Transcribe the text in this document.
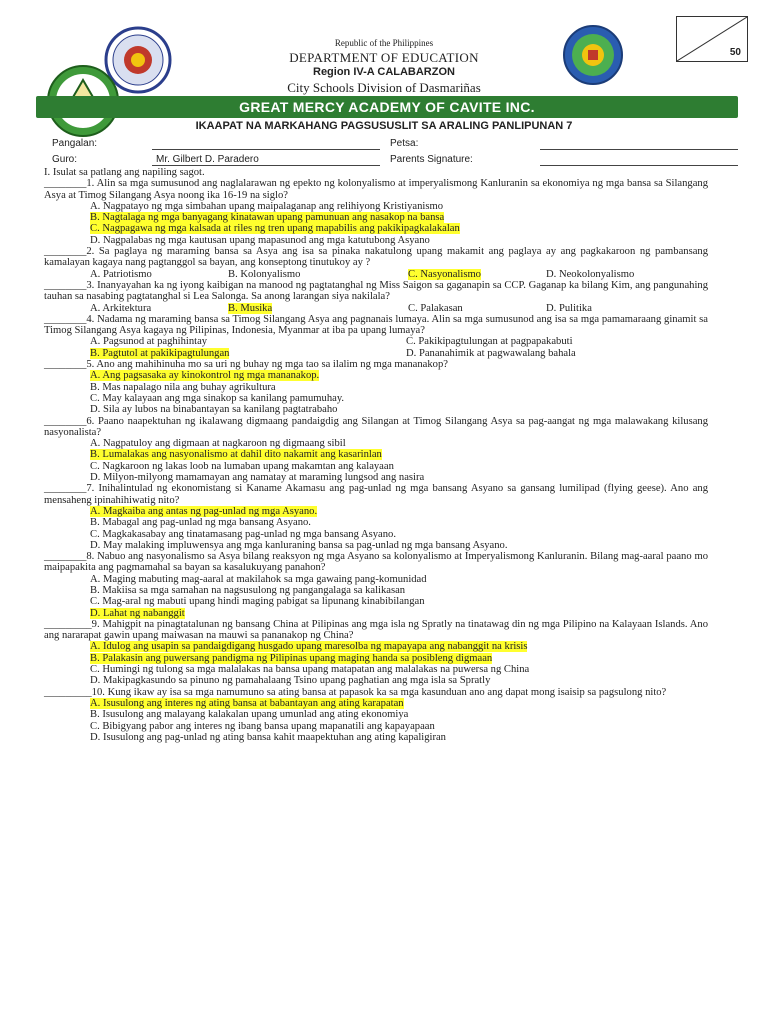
50
Republic of the Philippines
DEPARTMENT OF EDUCATION
Region IV-A CALABARZON
City Schools Division of Dasmariñas
GREAT MERCY ACADEMY OF CAVITE INC.
IKAAPAT NA MARKAHANG PAGSUSUSLIT SA ARALING PANLIPUNAN 7
Pangalan:	Petsa:
Guro:	Mr. Gilbert D. Paradero	Parents Signature:

I. Isulat sa patlang ang napiling sagot.

________1. Alin sa mga sumusunod ang naglalarawan ng epekto ng kolonyalismo at imperyalismong Kanluranin sa ekonomiya ng mga bansa sa Silangang Asya at Timog Silangang Asya noong ika 16-19 na siglo?

A. Nagpatayo ng mga simbahan upang maipalaganap ang relihiyong Kristiyanismo

B. Nagtalaga ng mga banyagang kinatawan upang pamunuan ang nasakop na bansa

C. Nagpagawa ng mga kalsada at riles ng tren upang mapabilis ang pakikipagkalakalan

D. Nagpalabas ng mga kautusan upang mapasunod ang mga katutubong Asyano

________2. Sa paglaya ng maraming bansa sa Asya ang isa sa pinaka nakatulong upang makamit ang paglaya ay ang pagkakaroon ng pambansang kamalayan kagaya nang pagtanggol sa bayan, ang konseptong tinutukoy ay ?

A. Patriotismo	B. Kolonyalismo	C. Nasyonalismo	D. Neokolonyalismo

________3. Inanyayahan ka ng iyong kaibigan na manood ng pagtatanghal ng Miss Saigon sa gaganapin sa CCP. Gaganap ka bilang Kim, ang pangunahing tauhan sa nasabing pagtatanghal si Lea Salonga. Sa anong larangan siya nakilala?

A. Arkitektura	B. Musika	C. Palakasan	D. Pulitika

________4. Nadama ng maraming bansa sa Timog Silangang Asya ang pagnanais lumaya. Alin sa mga sumusunod ang isa sa mga pamamaraang ginamit sa Timog Silangang Asya kagaya ng Pilipinas, Indonesia, Myanmar at iba pa upang lumaya?

A. Pagsunod at paghihintay	C. Pakikipagtulungan at pagpapakabuti
B. Pagtutol at pakikipagtulungan	D. Pananahimik at pagwawalang bahala

________5. Ano ang mahihinuha mo sa uri ng buhay ng mga tao sa ilalim ng mga mananakop?

A. Ang pagsasaka ay kinokontrol ng mga mananakop.

B. Mas napalago nila ang buhay agrikultura

C. May kalayaan ang mga sinakop sa kanilang pamumuhay.

D. Sila ay lubos na binabantayan sa kanilang pagtatrabaho

________6. Paano naapektuhan ng ikalawang digmaang pandaigdig ang Silangan at Timog Silangang Asya sa pag-aangat ng mga malawakang kilusang nasyonalista?

A. Nagpatuloy ang digmaan at nagkaroon ng digmaang sibil

B. Lumalakas ang nasyonalismo at dahil dito nakamit ang kasarinlan

C. Nagkaroon ng lakas loob na lumaban upang makamtan ang kalayaan

D. Milyon-milyong mamamayan ang namatay at maraming lungsod ang nasira

________7. Inihalintulad ng ekonomistang si Kaname Akamasu ang pag-unlad ng mga bansang Asyano sa gansang lumilipad (flying geese). Ano ang mensaheng ipinahihiwatig nito?

A. Magkaiba ang antas ng pag-unlad ng mga Asyano.

B. Mabagal ang pag-unlad ng mga bansang Asyano.

C. Magkakasabay ang tinatamasang pag-unlad ng mga bansang Asyano.

D. May malaking impluwensya ang mga kanluraning bansa sa pag-unlad ng mga bansang Asyano.

________8. Nabuo ang nasyonalismo sa Asya bilang reaksyon ng mga Asyano sa kolonyalismo at Imperyalismong Kanluranin. Bilang mag-aaral paano mo maipapakita ang pagmamahal sa bayan sa kasalukuyang panahon?

A. Maging mabuting mag-aaral at makilahok sa mga gawaing pang-komunidad

B. Makiisa sa mga samahan na nagsusulong ng pangangalaga sa kalikasan

C. Mag-aral ng mabuti upang hindi maging pabigat sa lipunang kinabibilangan

D. Lahat ng nabanggit

_________9. Mahigpit na pinagtatalunan ng bansang China at Pilipinas ang mga isla ng Spratly na tinatawag din ng mga Pilipino na Kalayaan Islands. Ano ang nararapat gawin upang maiwasan na mauwi sa pananakop ng China?

A. Idulog ang usapin sa pandaigdigang husgado upang maresolba ng mapayapa ang nabanggit na krisis

B. Palakasin ang puwersang pandigma ng Pilipinas upang maging handa sa posibleng digmaan

C. Humingi ng tulong sa mga malalakas na bansa upang matapatan ang malalakas na puwersa ng China

D. Makipagkasundo sa pinuno ng pamahalaang Tsino upang paghatian ang mga isla sa Spratly

_________10. Kung ikaw ay isa sa mga namumuno sa ating bansa at papasok ka sa mga kasunduan ano ang dapat mong isaisip sa pagsulong nito?

A. Isusulong ang interes ng ating bansa at babantayan ang ating karapatan

B. Isusulong ang malayang kalakalan upang umunlad ang ating ekonomiya

C. Bibigyang pabor ang interes ng ibang bansa upang mapanatili ang kapayapaan

D. Isusulong ang pag-unlad ng ating bansa kahit maapektuhan ang ating kapaligiran
